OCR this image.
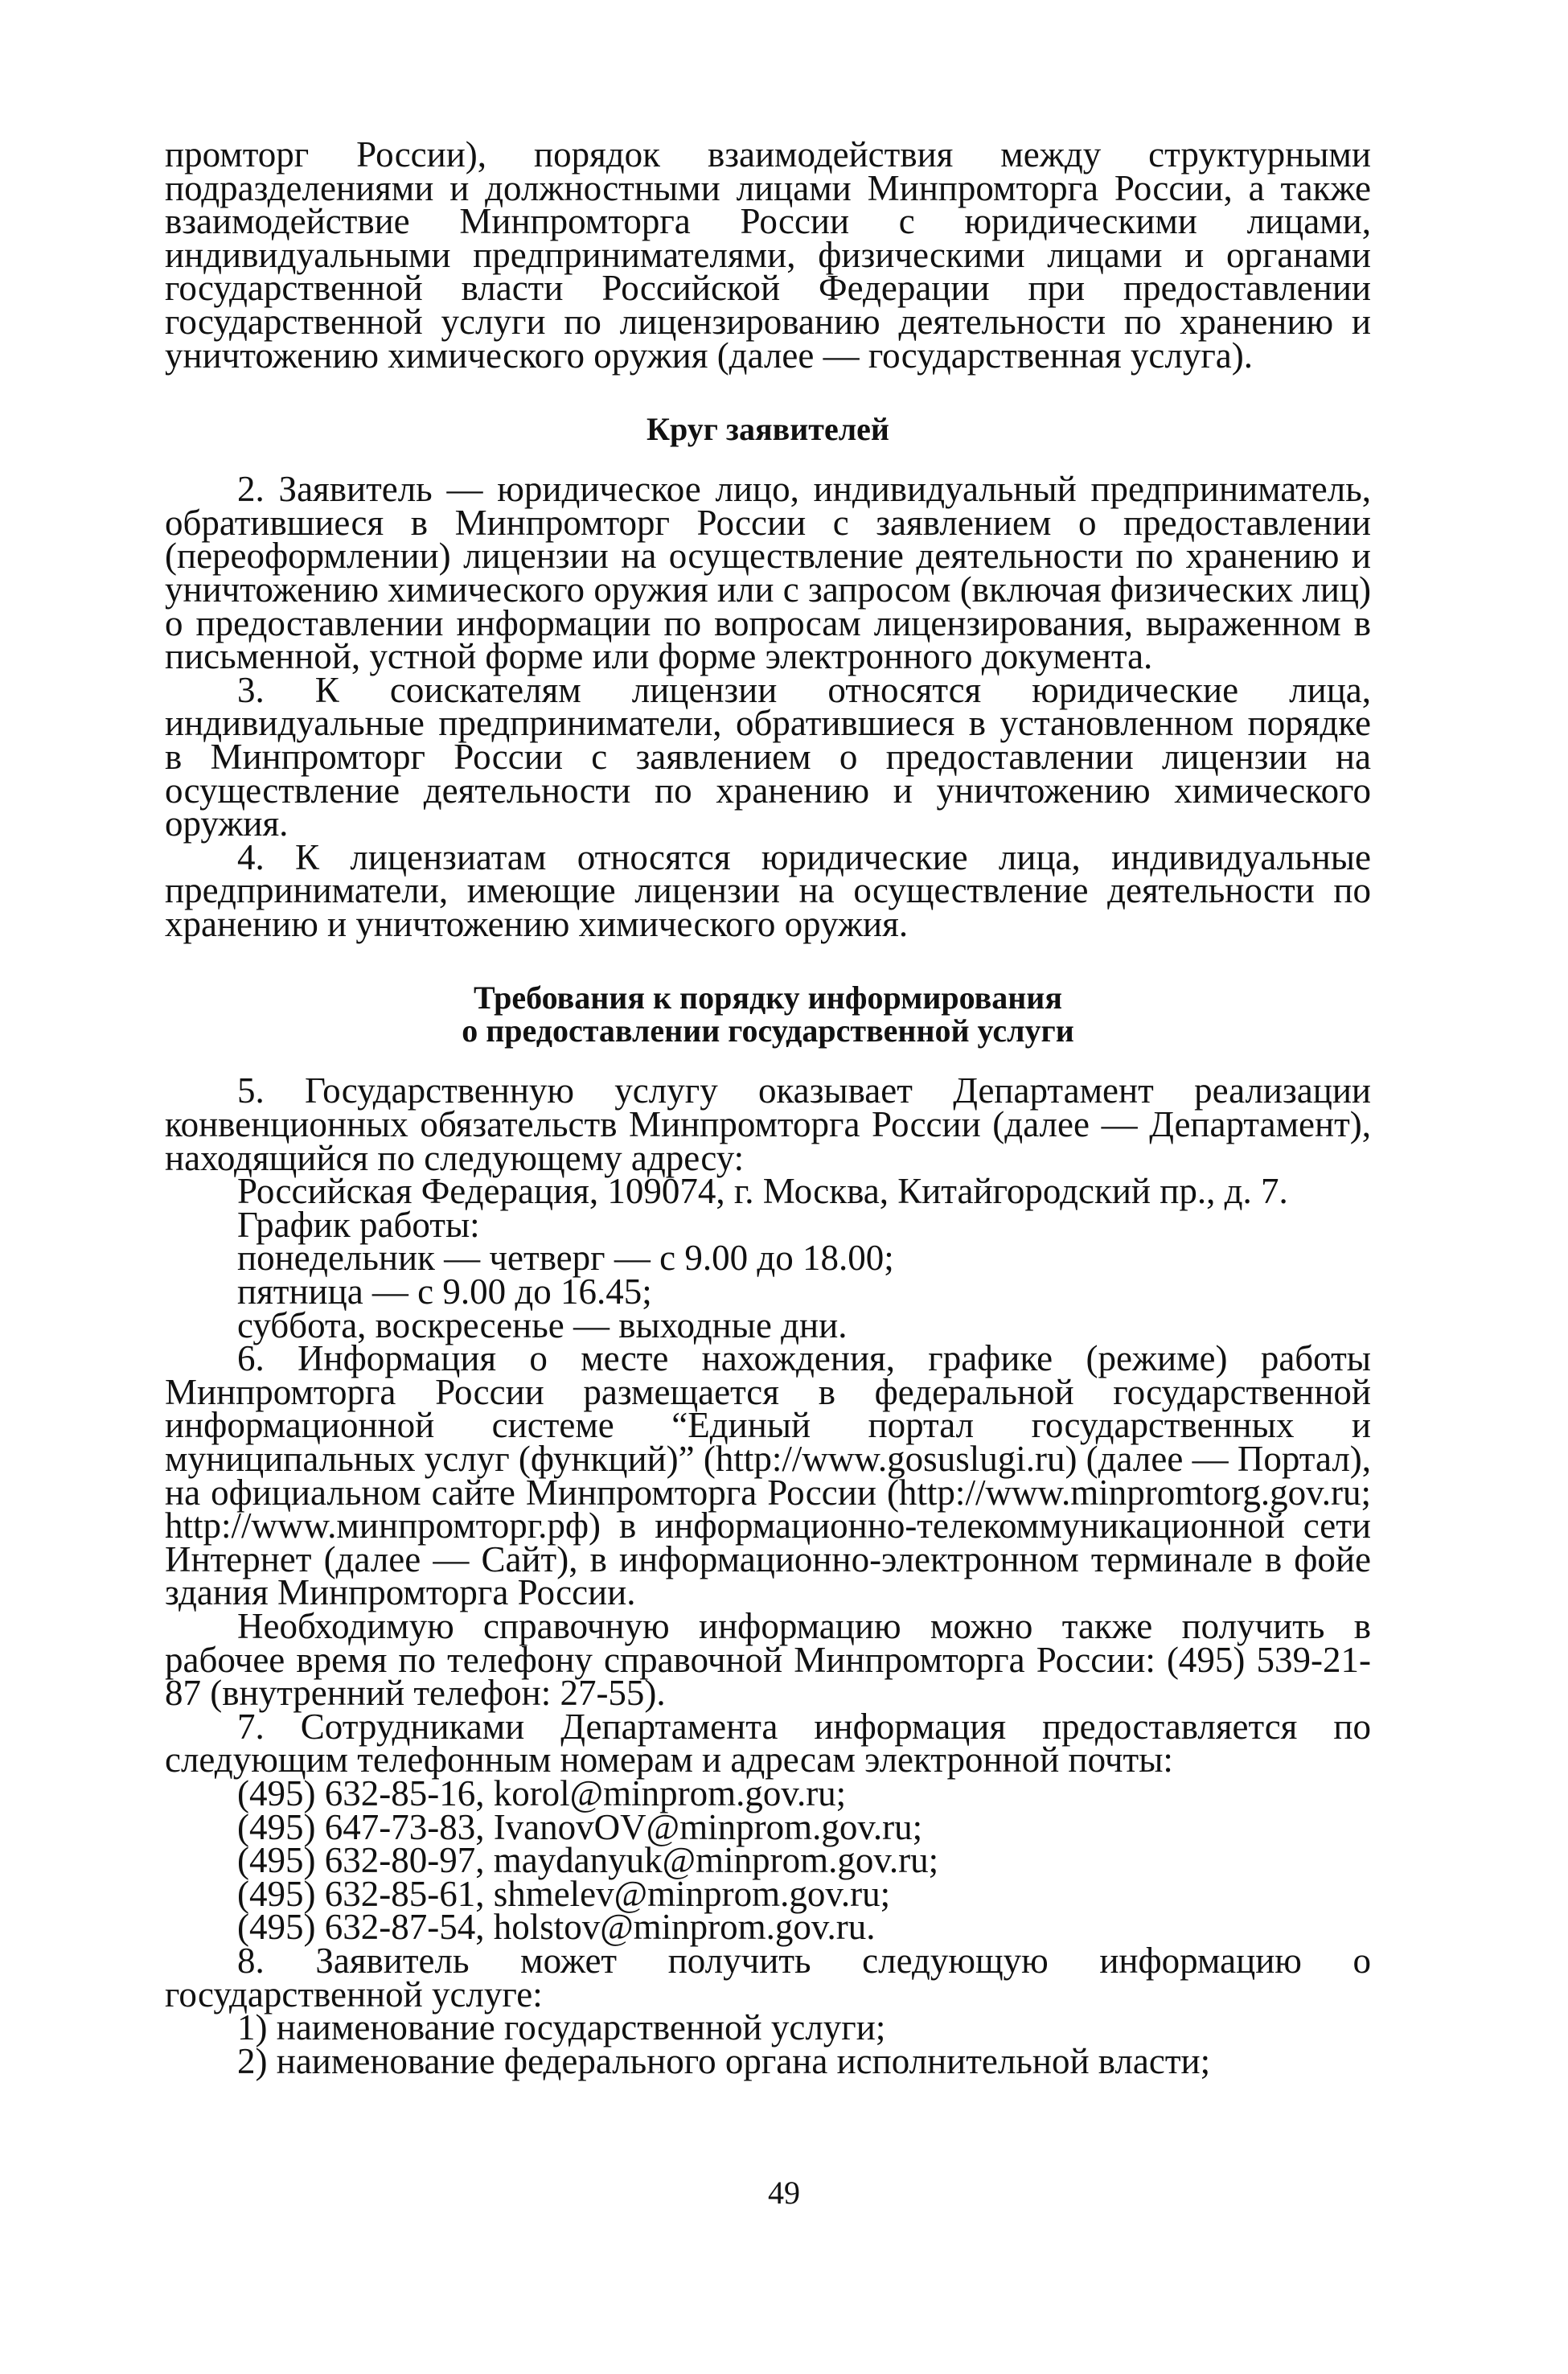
промторг России), порядок взаимодействия между структурными подразделениями и должностными лицами Минпромторга России, а также взаимодействие Минпромторга России с юридическими лицами, индивидуальными предпринимателями, физическими лицами и органами государственной власти Российской Федерации при предоставлении государственной услуги по лицензированию деятельности по хранению и уничтожению химического оружия (далее — государственная услуга).

Круг заявителей

2. Заявитель — юридическое лицо, индивидуальный предприниматель, обратившиеся в Минпромторг России с заявлением о предоставлении (переоформлении) лицензии на осуществление деятельности по хранению и уничтожению химического оружия или с запросом (включая физических лиц) о предоставлении информации по вопросам лицензирования, выраженном в письменной, устной форме или форме электронного документа.

3. К соискателям лицензии относятся юридические лица, индивидуальные предприниматели, обратившиеся в установленном порядке в Минпромторг России с заявлением о предоставлении лицензии на осуществление деятельности по хранению и уничтожению химического оружия.

4. К лицензиатам относятся юридические лица, индивидуальные предприниматели, имеющие лицензии на осуществление деятельности по хранению и уничтожению химического оружия.

Требования к порядку информирования
о предоставлении государственной услуги

5. Государственную услугу оказывает Департамент реализации конвенционных обязательств Минпромторга России (далее — Департамент), находящийся по следующему адресу:

Российская Федерация, 109074, г. Москва, Китайгородский пр., д. 7.

График работы:

понедельник — четверг — с 9.00 до 18.00;

пятница — с 9.00 до 16.45;

суббота, воскресенье — выходные дни.

6. Информация о месте нахождения, графике (режиме) работы Минпромторга России размещается в федеральной государственной информационной системе “Единый портал государственных и муниципальных услуг (функций)” (http://www.gosuslugi.ru) (далее — Портал), на официальном сайте Минпромторга России (http://www.minpromtorg.gov.ru; http://www.минпромторг.рф) в информационно-телекоммуникационной сети Интернет (далее — Сайт), в информационно-электронном терминале в фойе здания Минпромторга России.

Необходимую справочную информацию можно также получить в рабочее время по телефону справочной Минпромторга России: (495) 539-21-87 (внутренний телефон: 27-55).

7. Сотрудниками Департамента информация предоставляется по следующим телефонным номерам и адресам электронной почты:

(495) 632-85-16, korol@minprom.gov.ru;

(495) 647-73-83, IvanovOV@minprom.gov.ru;

(495) 632-80-97, maydanyuk@minprom.gov.ru;

(495) 632-85-61, shmelev@minprom.gov.ru;

(495) 632-87-54, holstov@minprom.gov.ru.

8. Заявитель может получить следующую информацию о государственной услуге:

1) наименование государственной услуги;

2) наименование федерального органа исполнительной власти;

49
